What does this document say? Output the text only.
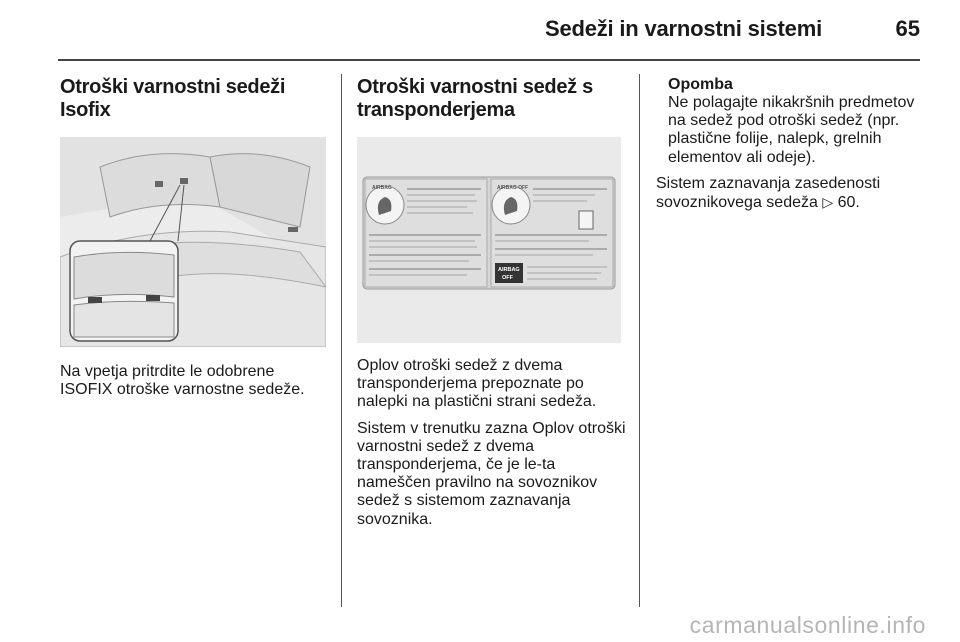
Sedeži in varnostni sistemi	65
Otroški varnostni sedeži Isofix

Na vpetja pritrdite le odobrene ISOFIX otroške varnostne sedeže.

Otroški varnostni sedež s transponderjema
AIRBAG	AIRBAG OFF
AIRBAG
OFF

Oplov otroški sedež z dvema transponderjema prepoznate po nalepki na plastični strani sedeža.

Sistem v trenutku zazna Oplov otroški varnostni sedež z dvema transponderjema, če je le-ta nameščen pravilno na sovoznikov sedež s sistemom zaznavanja sovoznika.

Opomba

Ne polagajte nikakršnih predmetov na sedež pod otroški sedež (npr. plastične folije, nalepk, grelnih elementov ali odeje).

Sistem zaznavanja zasedenosti sovoznikovega sedeža ▷ 60.

carmanualsonline.info
